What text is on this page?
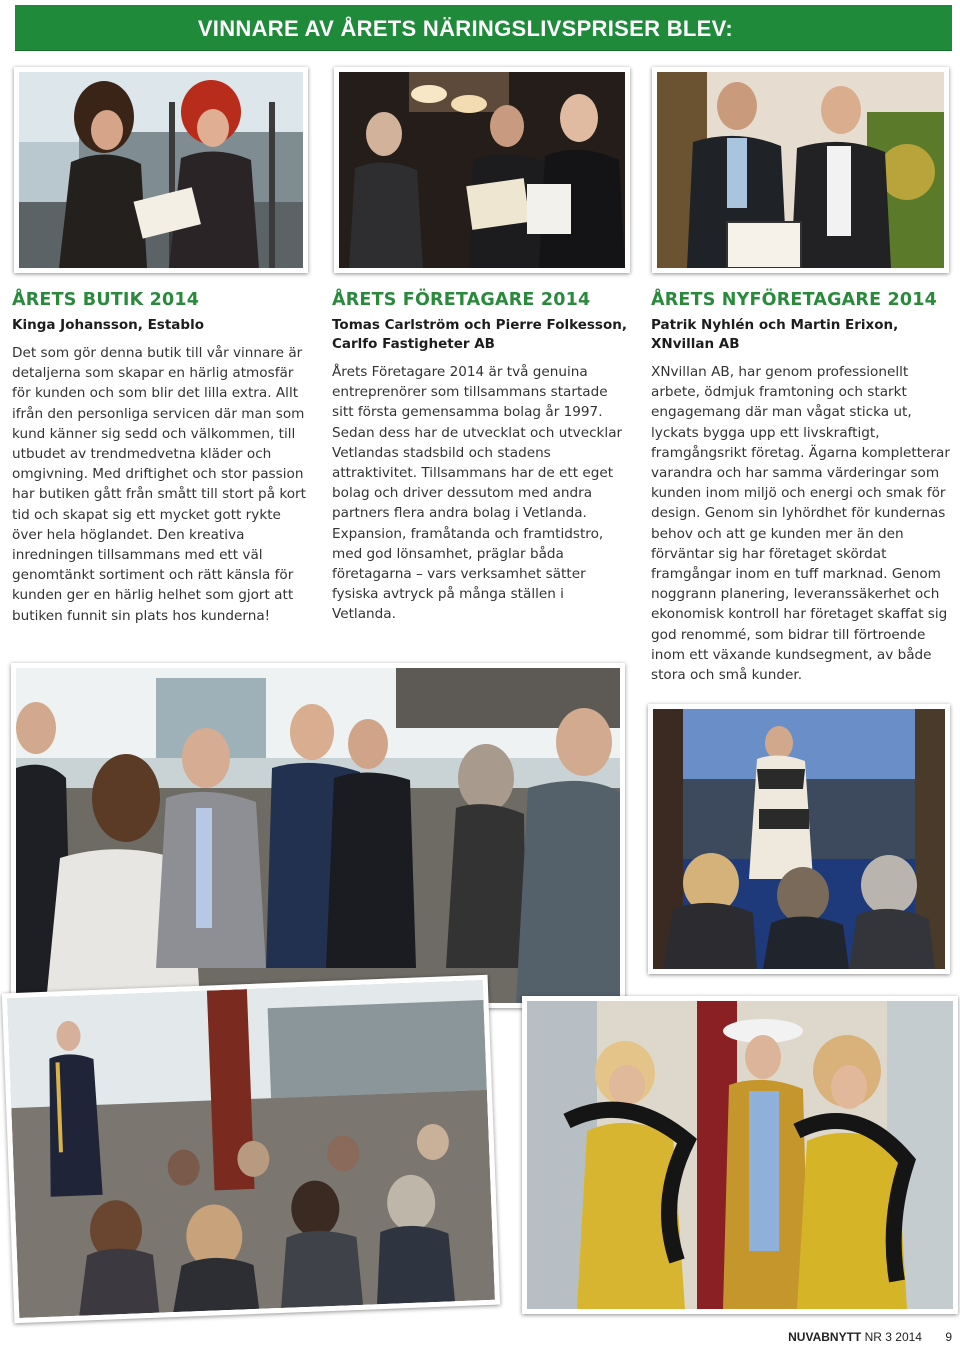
VINNARE AV ÅRETS NÄRINGSLIVSPRISER BLEV:
ÅRETS BUTIK 2014
Kinga Johansson, Establo

Det som gör denna butik till vår vinnare är detaljerna som skapar en härlig atmosfär för kunden och som blir det lilla extra. Allt ifrån den personliga servicen där man som kund känner sig sedd och välkommen, till utbudet av trendmedvetna kläder och omgivning. Med driftighet och stor passion har butiken gått från smått till stort på kort tid och skapat sig ett mycket gott rykte över hela höglandet. Den kreativa inredningen tillsammans med ett väl genomtänkt sortiment och rätt känsla för kunden ger en härlig helhet som gjort att butiken funnit sin plats hos kunderna!

ÅRETS FÖRETAGARE 2014
Tomas Carlström och Pierre Folkesson, Carlfo Fastigheter AB

Årets Företagare 2014 är två genuina entreprenörer som tillsammans startade sitt första gemensamma bolag år 1997. Sedan dess har de utvecklat och utvecklar Vetlandas stadsbild och stadens attraktivitet. Tillsammans har de ett eget bolag och driver dessutom med andra partners flera andra bolag i Vetlanda. Expansion, framåtanda och framtidstro, med god lönsamhet, präglar båda företagarna – vars verksamhet sätter fysiska avtryck på många ställen i Vetlanda.

ÅRETS NYFÖRETAGARE 2014
Patrik Nyhlén och Martin Erixon, XNvillan AB

XNvillan AB, har genom professionellt arbete, ödmjuk framtoning och starkt engagemang där man vågat sticka ut, lyckats bygga upp ett livskraftigt, framgångsrikt företag. Ägarna kompletterar varandra och har samma värderingar som kunden inom miljö och energi och smak för design. Genom sin lyhördhet för kundernas behov och att ge kunden mer än den förväntar sig har företaget skördat framgångar inom en tuff marknad. Genom noggrann planering, leveranssäkerhet och ekonomisk kontroll har företaget skaffat sig god renommé, som bidrar till förtroende inom ett växande kundsegment, av både stora och små kunder.

NUVABNYTT NR 3 2014 9
